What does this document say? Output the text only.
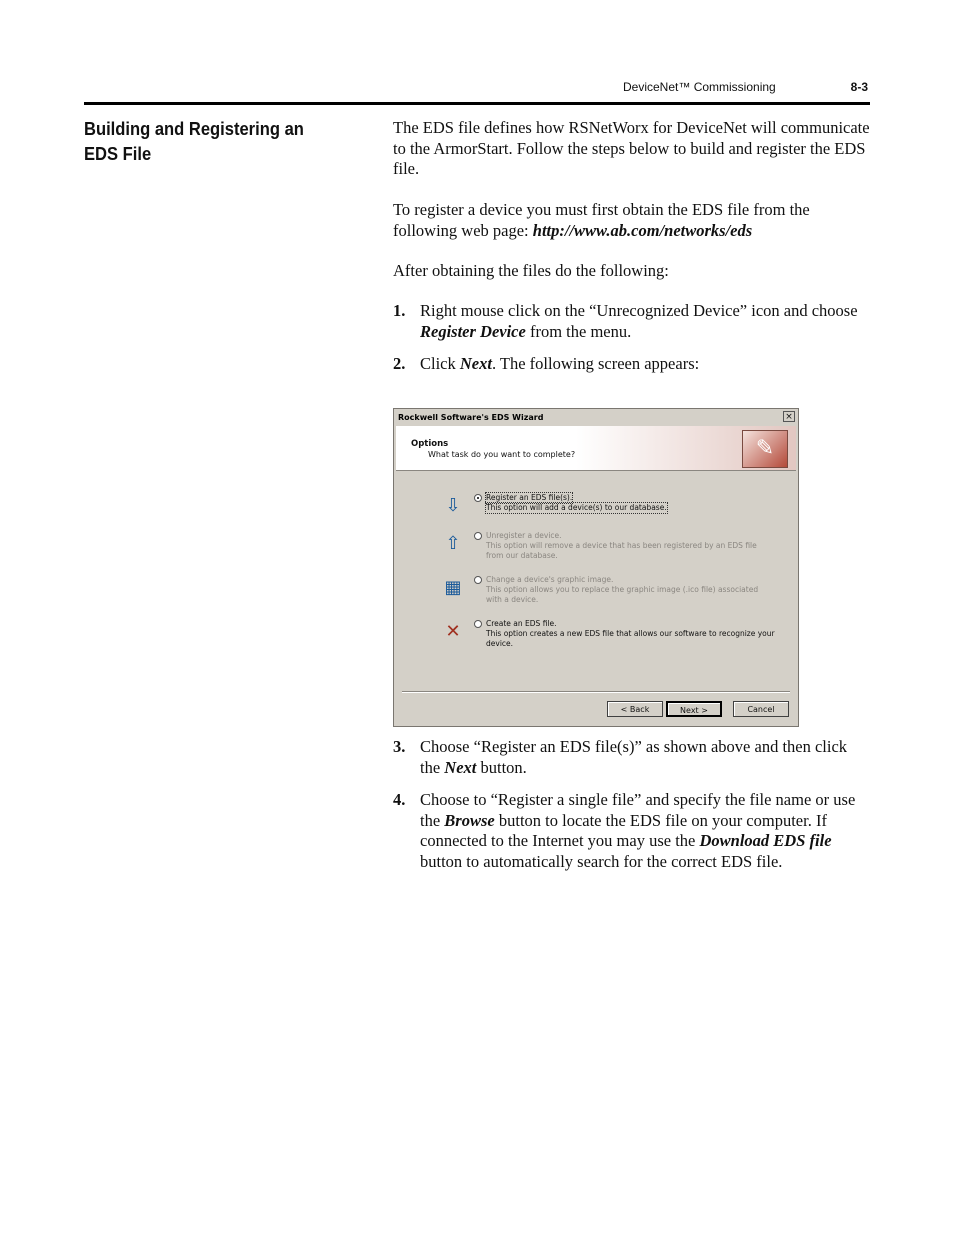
DeviceNet™ Commissioning	8-3
Building and Registering an EDS File

The EDS file defines how RSNetWorx for DeviceNet will communicate to the ArmorStart. Follow the steps below to build and register the EDS file.

To register a device you must first obtain the EDS file from the following web page: http://www.ab.com/networks/eds

After obtaining the files do the following:

1. Right mouse click on the “Unrecognized Device” icon and choose Register Device from the menu.
2. Click Next. The following screen appears:
Rockwell Software's EDS Wizard	×
Options
What task do you want to complete?	✎
⇩	Register an EDS file(s).
This option will add a device(s) to our database.
⇧	Unregister a device.
This option will remove a device that has been registered by an EDS file from our database.
▦	Change a device's graphic image.
This option allows you to replace the graphic image (.ico file) associated with a device.
✕	Create an EDS file.
This option creates a new EDS file that allows our software to recognize your device.
< Back	Next >	Cancel
3. Choose “Register an EDS file(s)” as shown above and then click the Next button.
4. Choose to “Register a single file” and specify the file name or use the Browse button to locate the EDS file on your computer. If connected to the Internet you may use the Download EDS file button to automatically search for the correct EDS file.
